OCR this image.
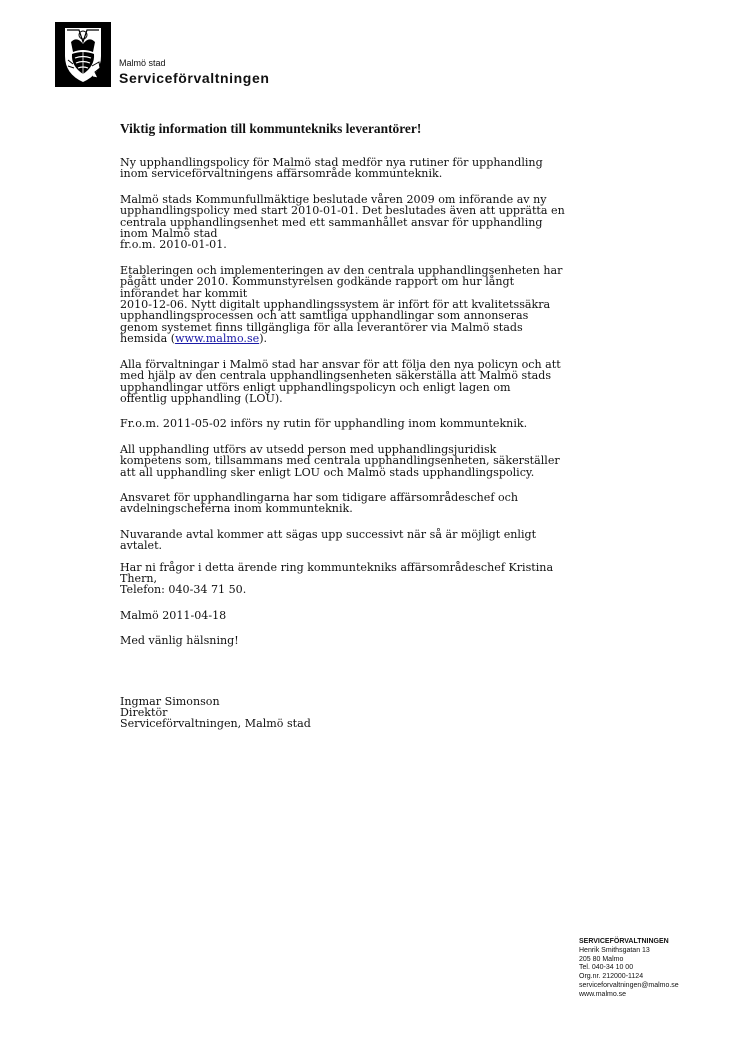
Malmö stad
Serviceförvaltningen
Viktig information till kommuntekniks leverantörer!

Ny upphandlingspolicy för Malmö stad medför nya rutiner för upphandling
inom serviceförvaltningens affärsområde kommunteknik.

Malmö stads Kommunfullmäktige beslutade våren 2009 om införande av ny
upphandlingspolicy med start 2010-01-01. Det beslutades även att upprätta en
centrala upphandlingsenhet med ett sammanhållet ansvar för upphandling
inom Malmö stad
fr.o.m. 2010-01-01.

Etableringen och implementeringen av den centrala upphandlingsenheten har
pågått under 2010. Kommunstyrelsen godkände rapport om hur långt
införandet har kommit
2010-12-06. Nytt digitalt upphandlingssystem är infört för att kvalitetssäkra
upphandlingsprocessen och att samtliga upphandlingar som annonseras
genom systemet finns tillgängliga för alla leverantörer via Malmö stads
hemsida (www.malmo.se).

Alla förvaltningar i Malmö stad har ansvar för att följa den nya policyn och att
med hjälp av den centrala upphandlingsenheten säkerställa att Malmö stads
upphandlingar utförs enligt upphandlingspolicyn och enligt lagen om
offentlig upphandling (LOU).

Fr.o.m. 2011-05-02 införs ny rutin för upphandling inom kommunteknik.

All upphandling utförs av utsedd person med upphandlingsjuridisk
kompetens som, tillsammans med centrala upphandlingsenheten, säkerställer
att all upphandling sker enligt LOU och Malmö stads upphandlingspolicy.

Ansvaret för upphandlingarna har som tidigare affärsområdeschef och
avdelningscheferna inom kommunteknik.

Nuvarande avtal kommer att sägas upp successivt när så är möjligt enligt
avtalet.

Har ni frågor i detta ärende ring kommuntekniks affärsområdeschef Kristina
Thern,
Telefon: 040-34 71 50.

Malmö 2011-04-18

Med vänlig hälsning!

Ingmar Simonson
Direktör
Serviceförvaltningen, Malmö stad

SERVICEFÖRVALTNINGEN
Henrik Smithsgatan 13
205 80 Malmo
Tel. 040-34 10 00
Org.nr. 212000-1124
serviceforvaltningen@malmo.se
www.malmo.se
